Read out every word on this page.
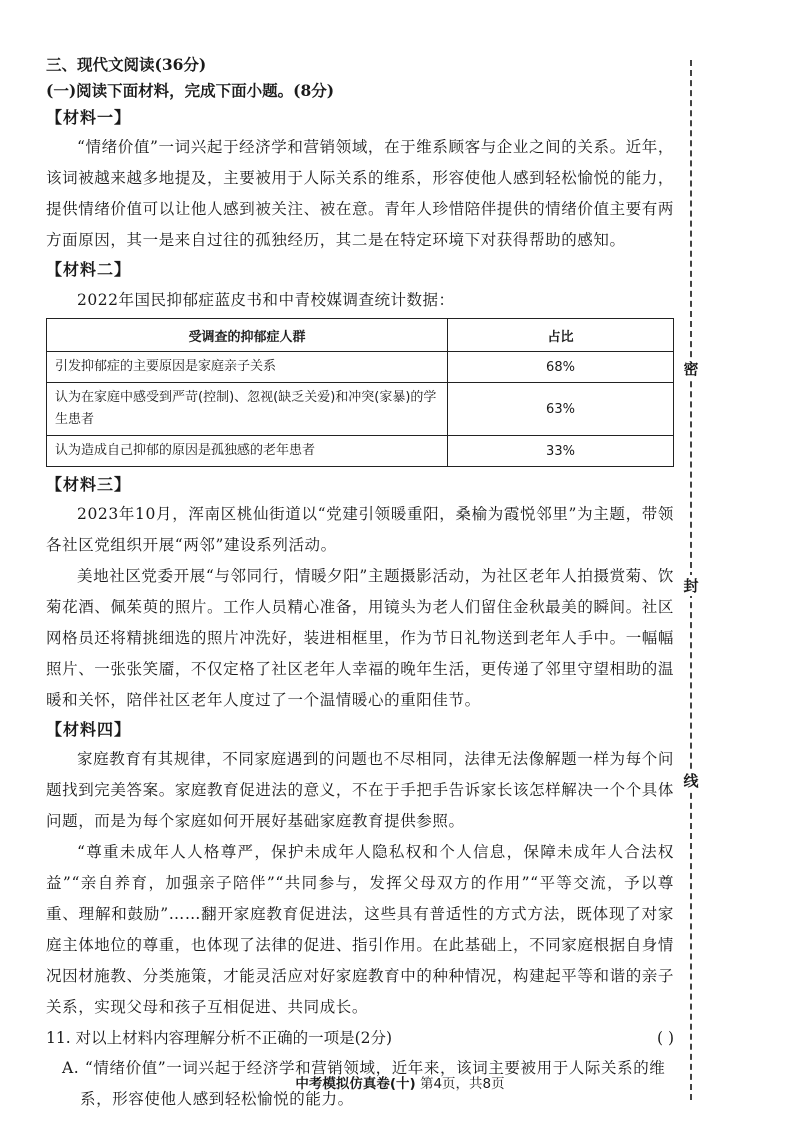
三、现代文阅读(36分)
(一)阅读下面材料，完成下面小题。(8分)
【材料一】

“情绪价值”一词兴起于经济学和营销领域，在于维系顾客与企业之间的关系。近年，该词被越来越多地提及，主要被用于人际关系的维系，形容使他人感到轻松愉悦的能力，提供情绪价值可以让他人感到被关注、被在意。青年人珍惜陪伴提供的情绪价值主要有两方面原因，其一是来自过往的孤独经历，其二是在特定环境下对获得帮助的感知。

【材料二】

2022年国民抑郁症蓝皮书和中青校媒调查统计数据：

受调查的抑郁症人群	占比
引发抑郁症的主要原因是家庭亲子关系	68%
认为在家庭中感受到严苛(控制)、忽视(缺乏关爱)和冲突(家暴)的学生患者	63%
认为造成自己抑郁的原因是孤独感的老年患者	33%
【材料三】

2023年10月，浑南区桃仙街道以“党建引领暖重阳，桑榆为霞悦邻里”为主题，带领各社区党组织开展“两邻”建设系列活动。

美地社区党委开展“与邻同行，情暖夕阳”主题摄影活动，为社区老年人拍摄赏菊、饮菊花酒、佩茱萸的照片。工作人员精心准备，用镜头为老人们留住金秋最美的瞬间。社区网格员还将精挑细选的照片冲洗好，装进相框里，作为节日礼物送到老年人手中。一幅幅照片、一张张笑靥，不仅定格了社区老年人幸福的晚年生活，更传递了邻里守望相助的温暖和关怀，陪伴社区老年人度过了一个温情暖心的重阳佳节。

【材料四】

家庭教育有其规律，不同家庭遇到的问题也不尽相同，法律无法像解题一样为每个问题找到完美答案。家庭教育促进法的意义，不在于手把手告诉家长该怎样解决一个个具体问题，而是为每个家庭如何开展好基础家庭教育提供参照。

“尊重未成年人人格尊严，保护未成年人隐私权和个人信息，保障未成年人合法权益”“亲自养育，加强亲子陪伴”“共同参与，发挥父母双方的作用”“平等交流，予以尊重、理解和鼓励”……翻开家庭教育促进法，这些具有普适性的方式方法，既体现了对家庭主体地位的尊重，也体现了法律的促进、指引作用。在此基础上，不同家庭根据自身情况因材施教、分类施策，才能灵活应对好家庭教育中的种种情况，构建起平等和谐的亲子关系，实现父母和孩子互相促进、共同成长。

11. 对以上材料内容理解分析不正确的一项是(2分)	( )

A. “情绪价值”一词兴起于经济学和营销领域，近年来，该词主要被用于人际关系的维系，形容使他人感到轻松愉悦的能力。

中考模拟仿真卷(十) 第4页，共8页
密
封
线
